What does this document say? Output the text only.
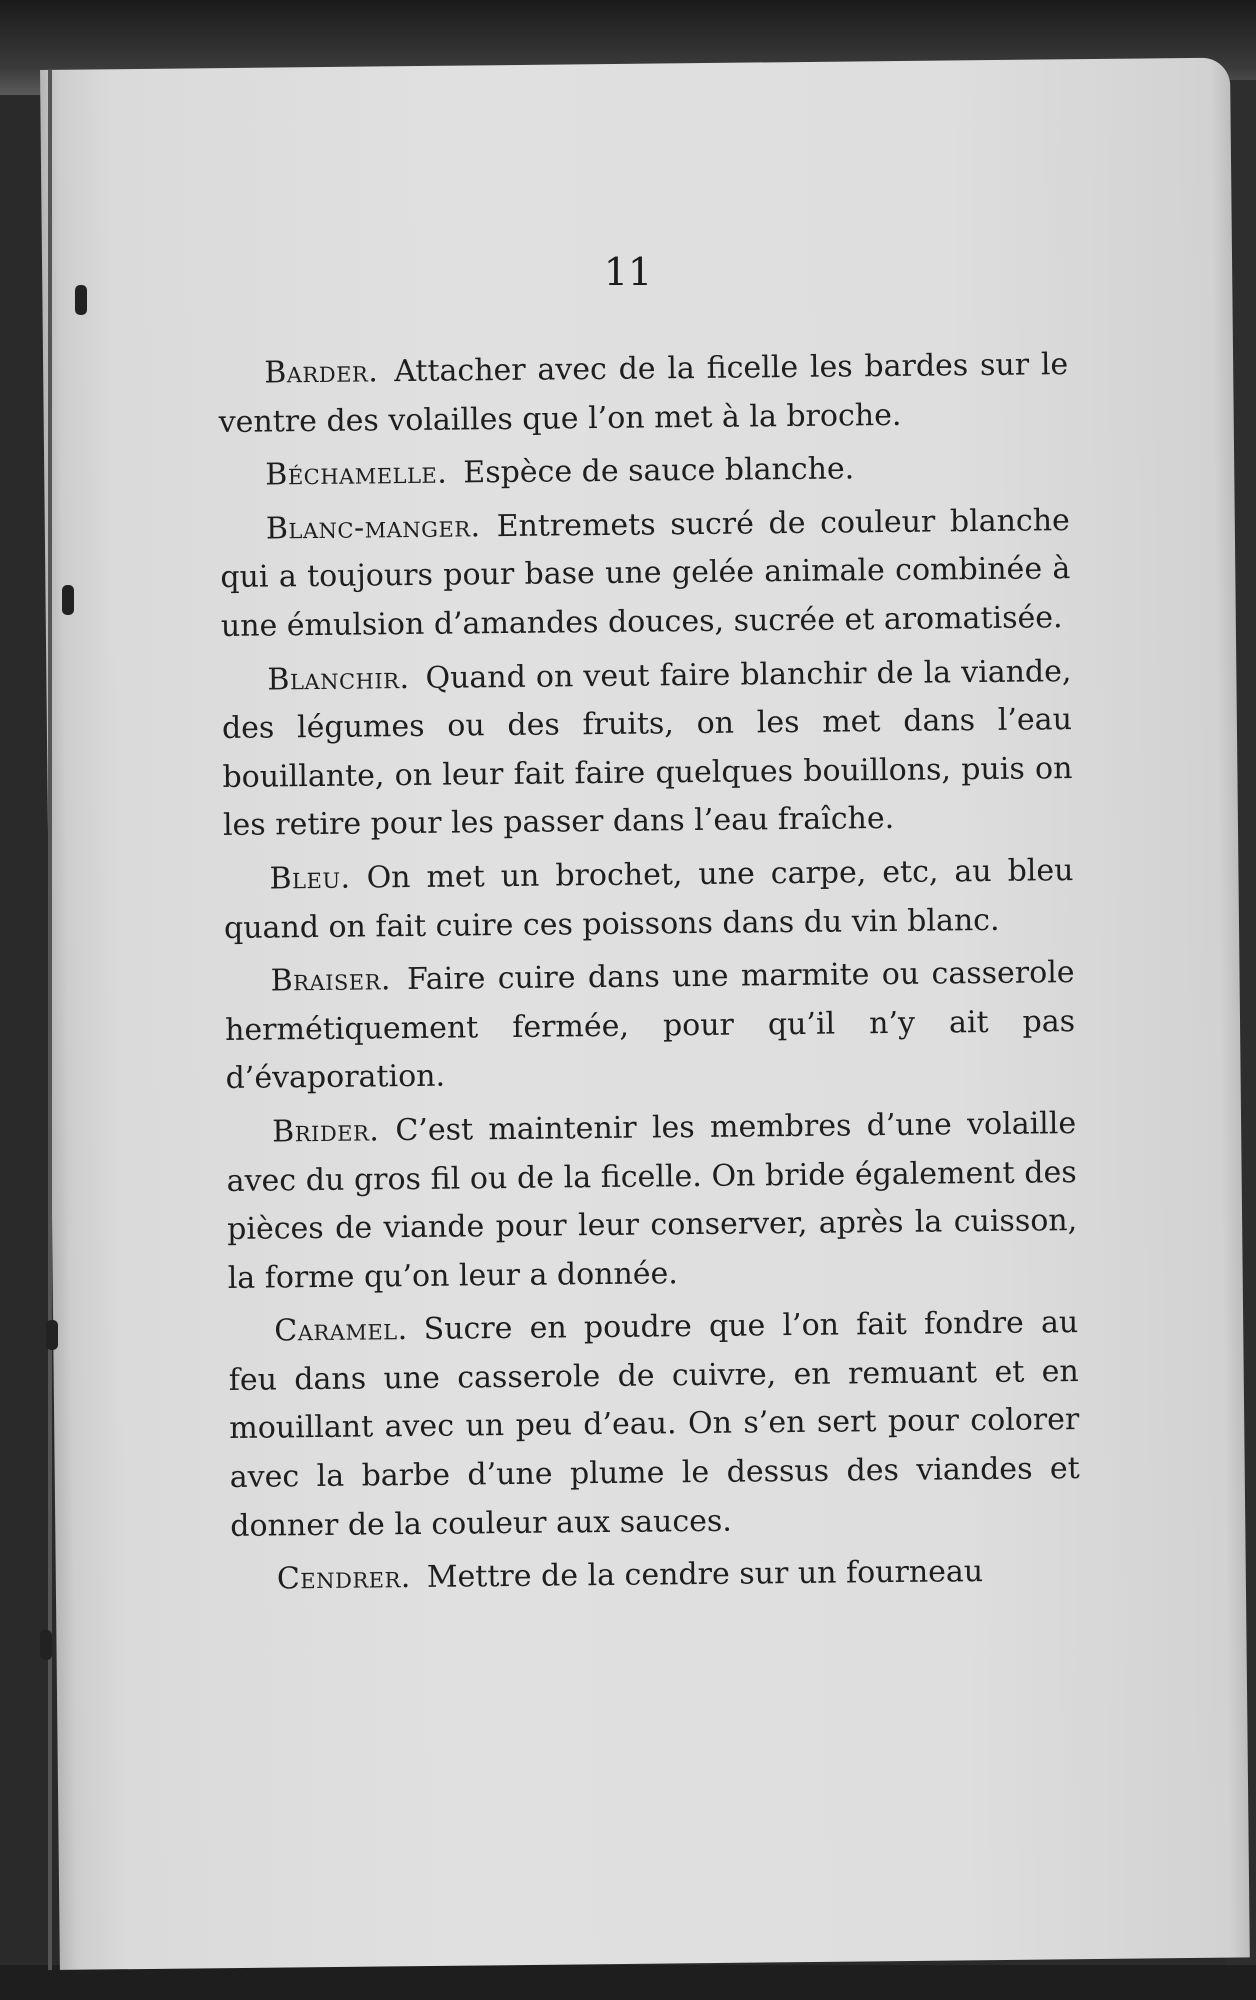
11

Barder. Attacher avec de la ficelle les bardes sur le ventre des volailles que l’on met à la broche.

Béchamelle. Espèce de sauce blanche.

Blanc-manger. Entremets sucré de couleur blanche qui a toujours pour base une gelée animale combinée à une émulsion d’amandes douces, sucrée et aromatisée.

Blanchir. Quand on veut faire blanchir de la viande, des légumes ou des fruits, on les met dans l’eau bouillante, on leur fait faire quelques bouillons, puis on les retire pour les passer dans l’eau fraîche.

Bleu. On met un brochet, une carpe, etc, au bleu quand on fait cuire ces poissons dans du vin blanc.

Braiser. Faire cuire dans une marmite ou casserole hermétiquement fermée, pour qu’il n’y ait pas d’évaporation.

Brider. C’est maintenir les membres d’une volaille avec du gros fil ou de la ficelle. On bride également des pièces de viande pour leur conserver, après la cuisson, la forme qu’on leur a donnée.

Caramel. Sucre en poudre que l’on fait fondre au feu dans une casserole de cuivre, en remuant et en mouillant avec un peu d’eau. On s’en sert pour colorer avec la barbe d’une plume le dessus des viandes et donner de la couleur aux sauces.

Cendrer. Mettre de la cendre sur un fourneau
